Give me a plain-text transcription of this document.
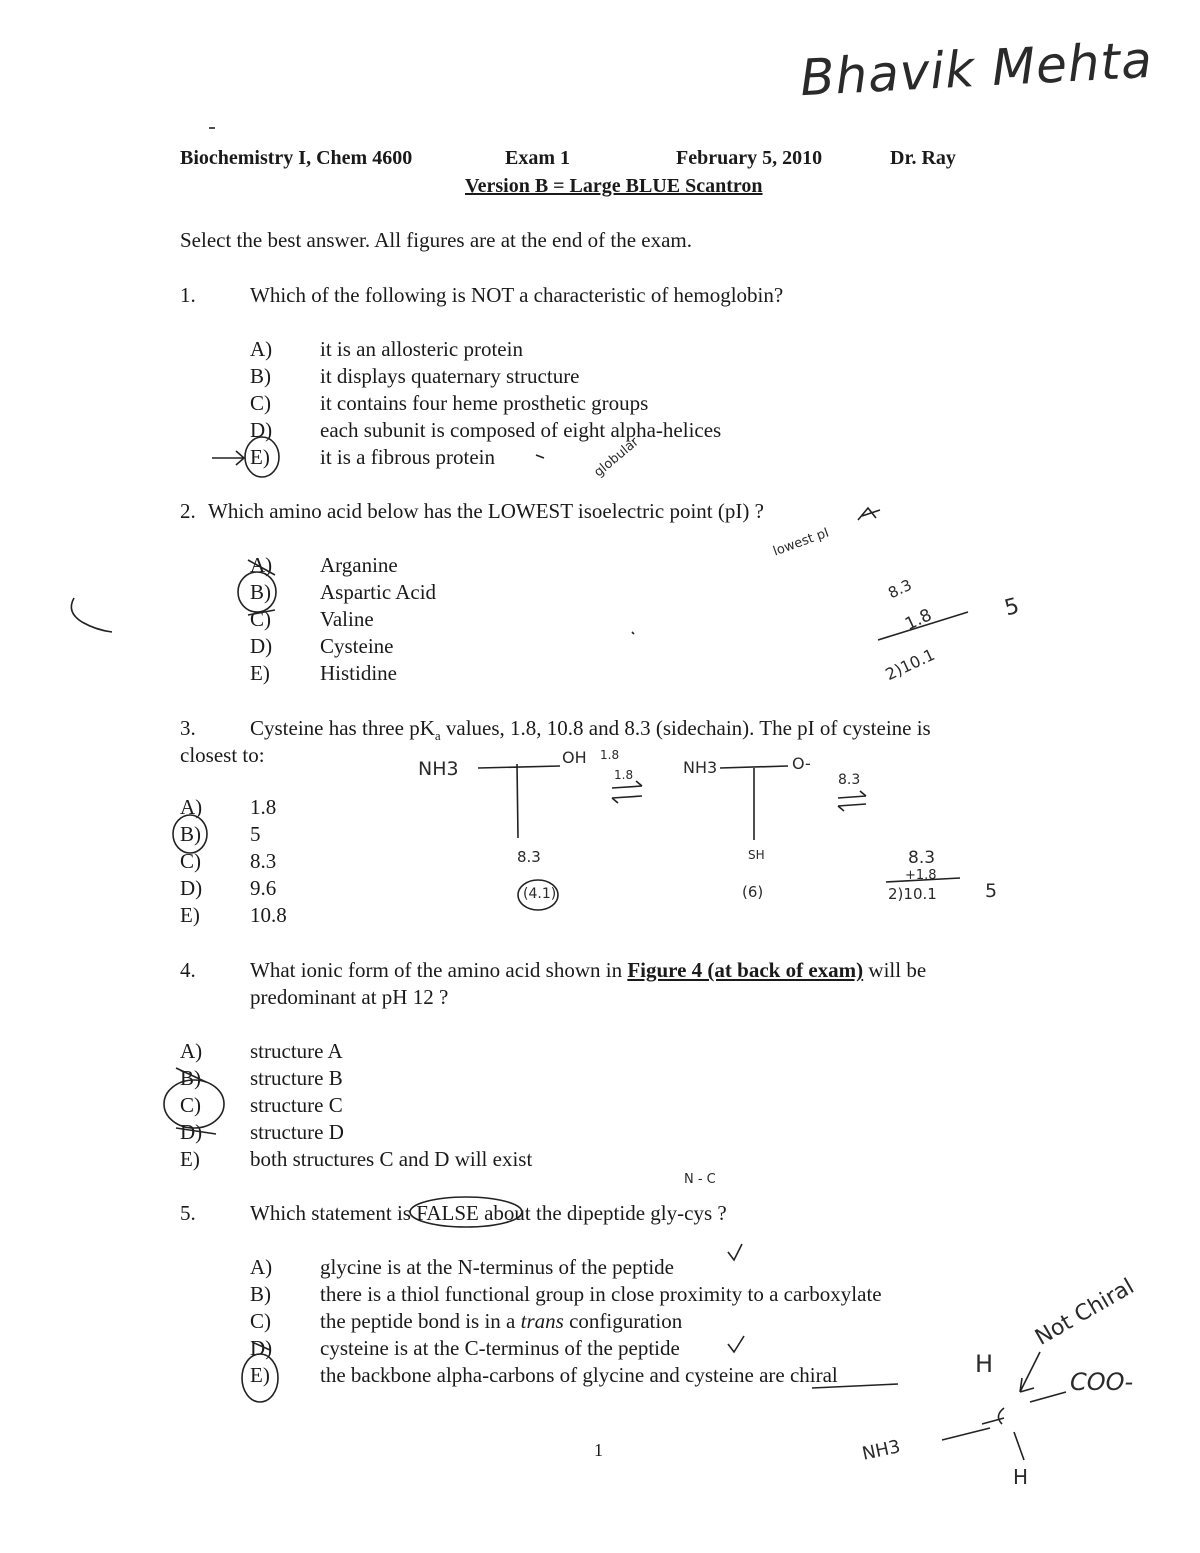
Bhavik Mehta
Biochemistry I, Chem 4600	Exam 1	February 5, 2010	Dr. Ray
Version B = Large BLUE Scantron
Select the best answer. All figures are at the end of the exam.
1.	Which of the following is NOT a characteristic of hemoglobin?
A) it is an allosteric protein
B) it displays quaternary structure
C) it contains four heme prosthetic groups
D) each subunit is composed of eight alpha-helices
E) it is a fibrous protein	globular
2. Which amino acid below has the LOWEST isoelectric point (pI) ?
A) Arganine
B) Aspartic Acid
C) Valine
D) Cysteine
E) Histidine
lowest pI
8.3
1.8
2)10.1
5
3.	Cysteine has three $pK_a$ values, 1.8, 10.8 and 8.3 (sidechain). The pI of cysteine is
closest to:
A) 1.8
B) 5
C) 8.3
D) 9.6
E) 10.8
NH3
OH 1.8
8.3
(4.1)
NH3	O-
SH
(6)
1.8	8.3
8.3
+1.8
2)10.1	5
4.	What ionic form of the amino acid shown in Figure 4 (at back of exam) will be
predominant at pH 12 ?
A) structure A
B) structure B
C) structure C
D) structure D
E) both structures C and D will exist
N - C
5.	Which statement is FALSE about the dipeptide gly-cys ?
A) glycine is at the N-terminus of the peptide
B) there is a thiol functional group in close proximity to a carboxylate
C) the peptide bond is in a trans configuration
D) cysteine is at the C-terminus of the peptide
E) the backbone alpha-carbons of glycine and cysteine are chiral
Not Chiral
H
COO-
NH3
H
1
